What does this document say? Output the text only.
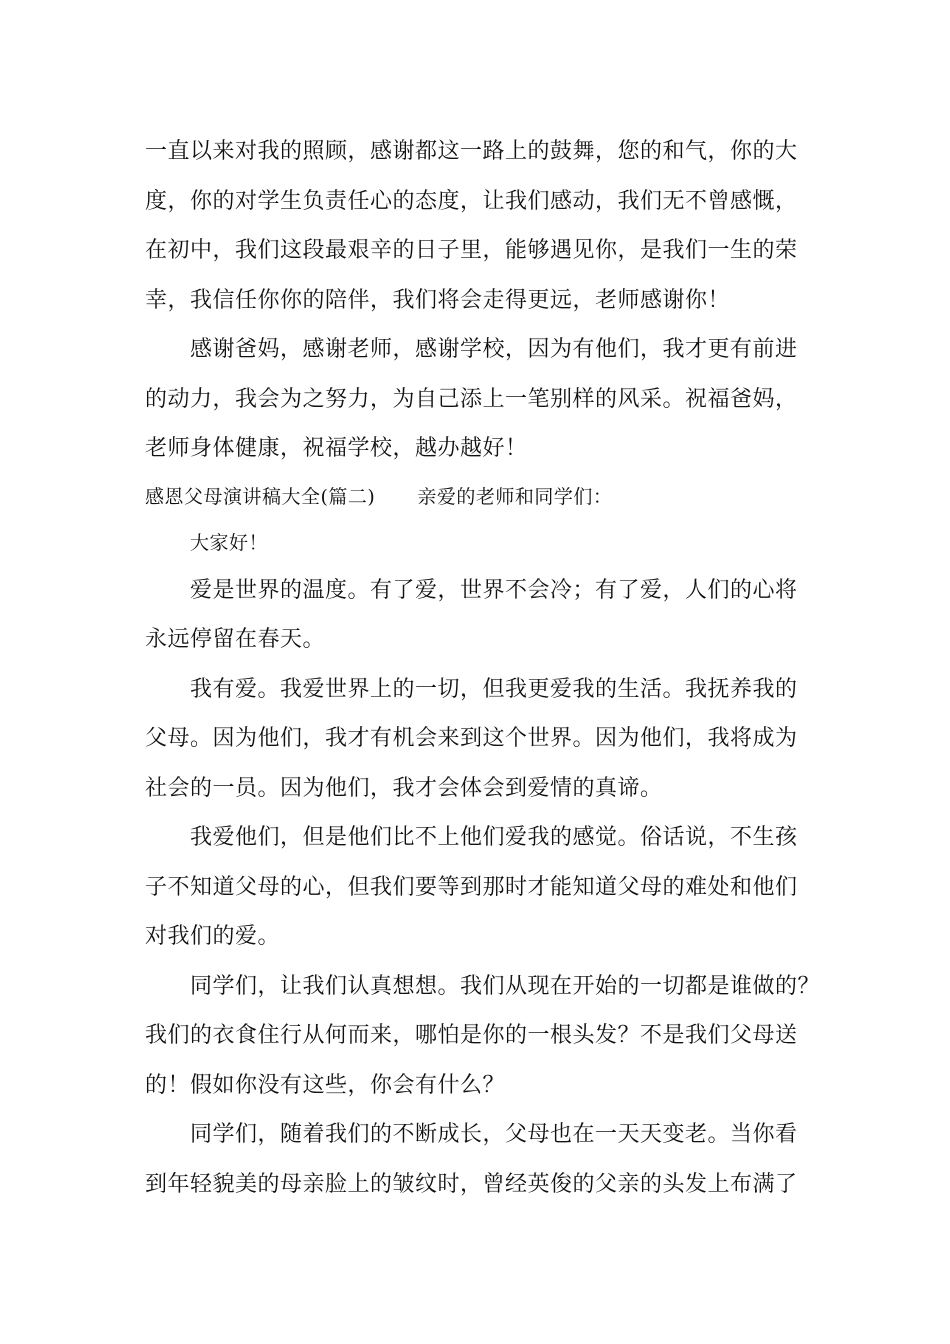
一直以来对我的照顾，感谢都这一路上的鼓舞，您的和气，你的大
度，你的对学生负责任心的态度，让我们感动，我们无不曾感慨，
在初中，我们这段最艰辛的日子里，能够遇见你，是我们一生的荣
幸，我信任你你的陪伴，我们将会走得更远，老师感谢你！
感谢爸妈，感谢老师，感谢学校，因为有他们，我才更有前进
的动力，我会为之努力，为自己添上一笔别样的风采。祝福爸妈，
老师身体健康，祝福学校，越办越好！
感恩父母演讲稿大全(篇二) 亲爱的老师和同学们：
大家好！
爱是世界的温度。有了爱，世界不会冷；有了爱，人们的心将
永远停留在春天。
我有爱。我爱世界上的一切，但我更爱我的生活。我抚养我的
父母。因为他们，我才有机会来到这个世界。因为他们，我将成为
社会的一员。因为他们，我才会体会到爱情的真谛。
我爱他们，但是他们比不上他们爱我的感觉。俗话说，不生孩
子不知道父母的心，但我们要等到那时才能知道父母的难处和他们
对我们的爱。
同学们，让我们认真想想。我们从现在开始的一切都是谁做的？
我们的衣食住行从何而来，哪怕是你的一根头发？不是我们父母送
的！假如你没有这些，你会有什么？
同学们，随着我们的不断成长，父母也在一天天变老。当你看
到年轻貌美的母亲脸上的皱纹时，曾经英俊的父亲的头发上布满了
